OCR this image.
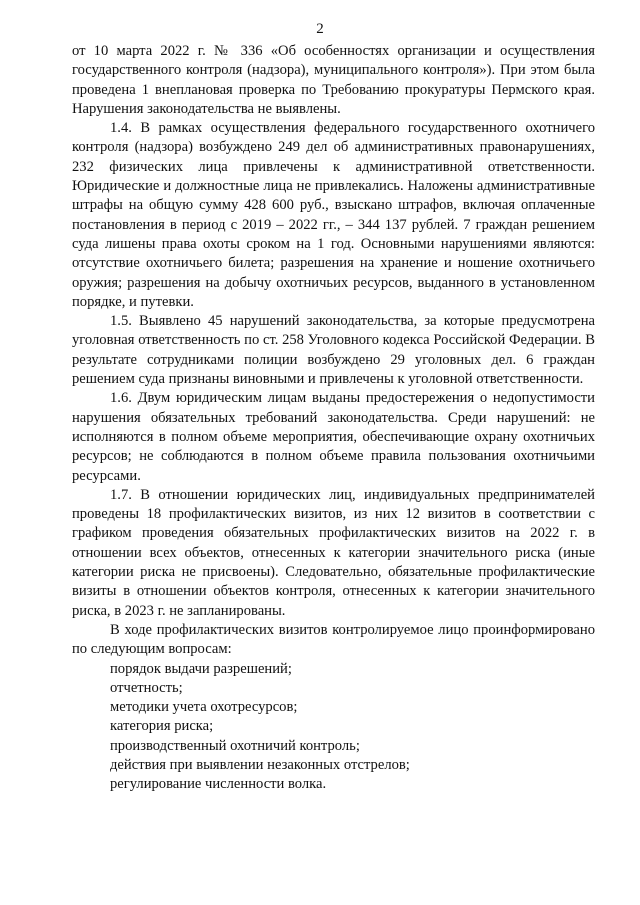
2

от 10 марта 2022 г. № 336 «Об особенностях организации и осуществления государственного контроля (надзора), муниципального контроля»). При этом была проведена 1 внеплановая проверка по Требованию прокуратуры Пермского края. Нарушения законодательства не выявлены.

1.4. В рамках осуществления федерального государственного охотничего контроля (надзора) возбуждено 249 дел об административных правонарушениях, 232 физических лица привлечены к административной ответственности. Юридические и должностные лица не привлекались. Наложены административные штрафы на общую сумму 428 600 руб., взыскано штрафов, включая оплаченные постановления в период с 2019 – 2022 гг., – 344 137 рублей. 7 граждан решением суда лишены права охоты сроком на 1 год. Основными нарушениями являются: отсутствие охотничьего билета; разрешения на хранение и ношение охотничьего оружия; разрешения на добычу охотничьих ресурсов, выданного в установленном порядке, и путевки.

1.5. Выявлено 45 нарушений законодательства, за которые предусмотрена уголовная ответственность по ст. 258 Уголовного кодекса Российской Федерации. В результате сотрудниками полиции возбуждено 29 уголовных дел. 6 граждан решением суда признаны виновными и привлечены к уголовной ответственности.

1.6. Двум юридическим лицам выданы предостережения о недопустимости нарушения обязательных требований законодательства. Среди нарушений: не исполняются в полном объеме мероприятия, обеспечивающие охрану охотничьих ресурсов; не соблюдаются в полном объеме правила пользования охотничьими ресурсами.

1.7. В отношении юридических лиц, индивидуальных предпринимателей проведены 18 профилактических визитов, из них 12 визитов в соответствии с графиком проведения обязательных профилактических визитов на 2022 г. в отношении всех объектов, отнесенных к категории значительного риска (иные категории риска не присвоены). Следовательно, обязательные профилактические визиты в отношении объектов контроля, отнесенных к категории значительного риска, в 2023 г. не запланированы.

В ходе профилактических визитов контролируемое лицо проинформировано по следующим вопросам:

порядок выдачи разрешений;
отчетность;
методики учета охотресурсов;
категория риска;
производственный охотничий контроль;
действия при выявлении незаконных отстрелов;
регулирование численности волка.
